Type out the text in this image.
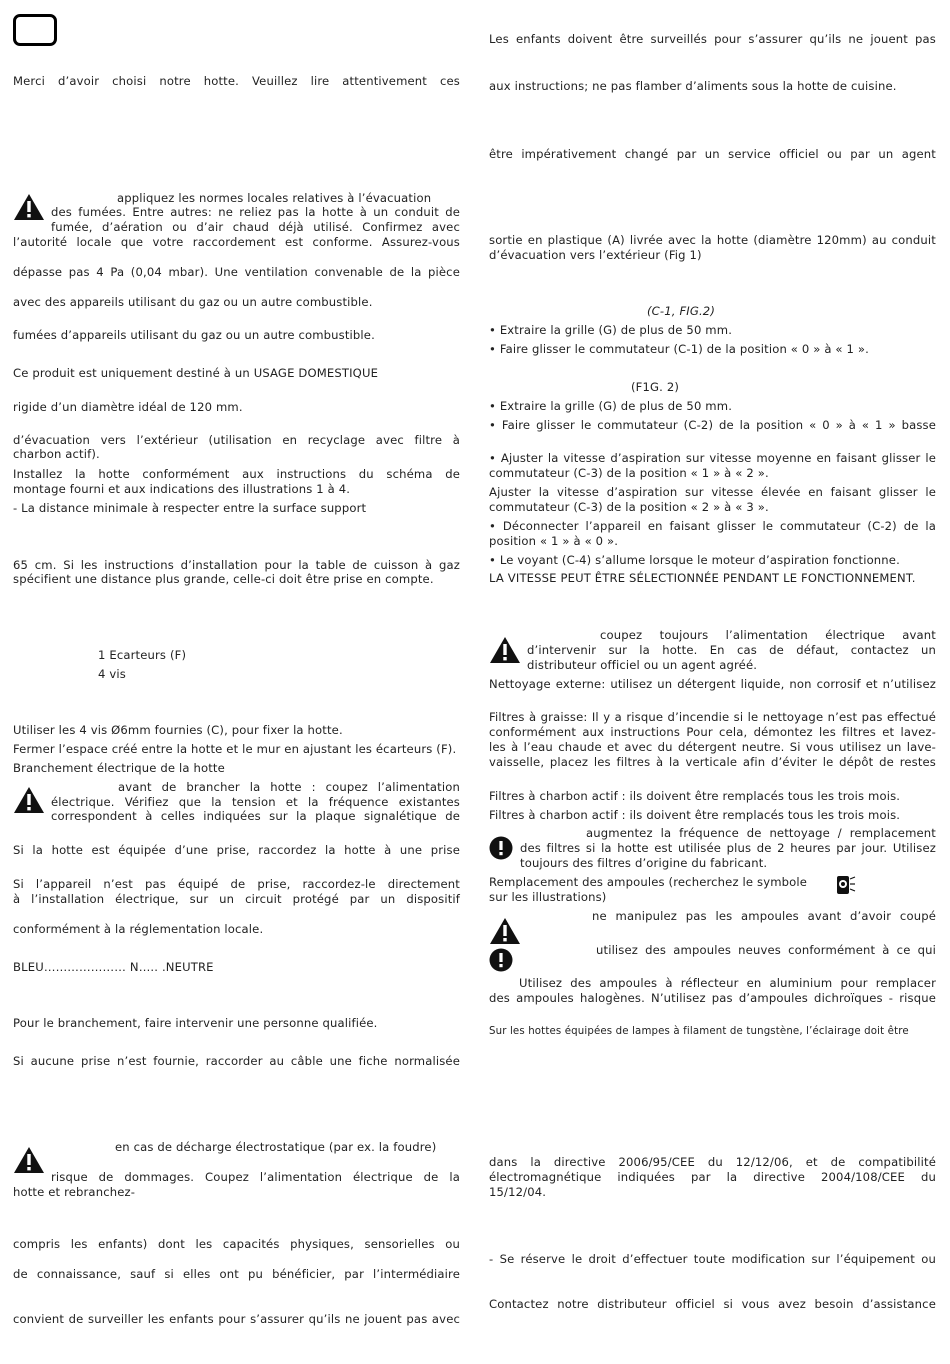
Merci d’avoir choisi notre hotte. Veuillez lire attentivement ces
appliquez les normes locales relatives à l’évacuation
des fumées. Entre autres: ne reliez pas la hotte à un conduit de
fumée, d’aération ou d’air chaud déjà utilisé. Confirmez avec
l’autorité locale que votre raccordement est conforme. Assurez-vous
dépasse pas 4 Pa (0,04 mbar). Une ventilation convenable de la pièce
avec des appareils utilisant du gaz ou un autre combustible.
fumées d’appareils utilisant du gaz ou un autre combustible.
Ce produit est uniquement destiné à un USAGE DOMESTIQUE
rigide d’un diamètre idéal de 120 mm.
d’évacuation vers l’extérieur (utilisation en recyclage avec filtre à
charbon actif).
Installez la hotte conformément aux instructions du schéma de
montage fourni et aux indications des illustrations 1 à 4.
- La distance minimale à respecter entre la surface support
65 cm. Si les instructions d’installation pour la table de cuisson à gaz
spécifient une distance plus grande, celle-ci doit être prise en compte.
1 Ecarteurs (F)
4 vis
Utiliser les 4 vis Ø6mm fournies (C), pour fixer la hotte.
Fermer l’espace créé entre la hotte et le mur en ajustant les écarteurs (F).
Branchement électrique de la hotte
avant de brancher la hotte : coupez l’alimentation
électrique. Vérifiez que la tension et la fréquence existantes
correspondent à celles indiquées sur la plaque signalétique de
Si la hotte est équipée d’une prise, raccordez la hotte à une prise
Si l’appareil n’est pas équipé de prise, raccordez-le directement
à l’installation électrique, sur un circuit protégé par un dispositif
conformément à la réglementation locale.
BLEU………………… N….. .NEUTRE
Pour le branchement, faire intervenir une personne qualifiée.
Si aucune prise n’est fournie, raccorder au câble une fiche normalisée
en cas de décharge électrostatique (par ex. la foudre)
risque de dommages. Coupez l’alimentation électrique de la
hotte et rebranchez-
compris les enfants) dont les capacités physiques, sensorielles ou
de connaissance, sauf si elles ont pu bénéficier, par l’intermédiaire
convient de surveiller les enfants pour s’assurer qu’ils ne jouent pas avec
Les enfants doivent être surveillés pour s’assurer qu’ils ne jouent pas
aux instructions; ne pas flamber d’aliments sous la hotte de cuisine.
être impérativement changé par un service officiel ou par un agent
sortie en plastique (A) livrée avec la hotte (diamètre 120mm) au conduit
d’évacuation vers l’extérieur (Fig 1)
(C-1, FIG.2)
• Extraire la grille (G) de plus de 50 mm.
• Faire glisser le commutateur (C-1) de la position « 0 » à « 1 ».
(F1G. 2)
• Extraire la grille (G) de plus de 50 mm.
• Faire glisser le commutateur (C-2) de la position « 0 » à « 1 » basse
• Ajuster la vitesse d’aspiration sur vitesse moyenne en faisant glisser le
commutateur (C-3) de la position « 1 » à « 2 ».
Ajuster la vitesse d’aspiration sur vitesse élevée en faisant glisser le
commutateur (C-3) de la position « 2 » à « 3 ».
• Déconnecter l’appareil en faisant glisser le commutateur (C-2) de la
position « 1 » à « 0 ».
• Le voyant (C-4) s’allume lorsque le moteur d’aspiration fonctionne.
LA VITESSE PEUT ÊTRE SÉLECTIONNÉE PENDANT LE FONCTIONNEMENT.
coupez toujours l’alimentation électrique avant
d’intervenir sur la hotte. En cas de défaut, contactez un
distributeur officiel ou un agent agréé.
Nettoyage externe: utilisez un détergent liquide, non corrosif et n’utilisez
Filtres à graisse: Il y a risque d’incendie si le nettoyage n’est pas effectué
conformément aux instructions Pour cela, démontez les filtres et lavez-
les à l’eau chaude et avec du détergent neutre. Si vous utilisez un lave-
vaisselle, placez les filtres à la verticale afin d’éviter le dépôt de restes
Filtres à charbon actif : ils doivent être remplacés tous les trois mois.
Filtres à charbon actif : ils doivent être remplacés tous les trois mois.
augmentez la fréquence de nettoyage / remplacement
des filtres si la hotte est utilisée plus de 2 heures par jour. Utilisez
toujours des filtres d’origine du fabricant.
Remplacement des ampoules (recherchez le symbole
sur les illustrations)
ne manipulez pas les ampoules avant d’avoir coupé
utilisez des ampoules neuves conformément à ce qui
Utilisez des ampoules à réflecteur en aluminium pour remplacer
des ampoules halogènes. N’utilisez pas d’ampoules dichroïques - risque
Sur les hottes équipées de lampes à filament de tungstène, l’éclairage doit être
dans la directive 2006/95/CEE du 12/12/06, et de compatibilité
électromagnétique indiquées par la directive 2004/108/CEE du
15/12/04.
- Se réserve le droit d’effectuer toute modification sur l’équipement ou
Contactez notre distributeur officiel si vous avez besoin d’assistance
